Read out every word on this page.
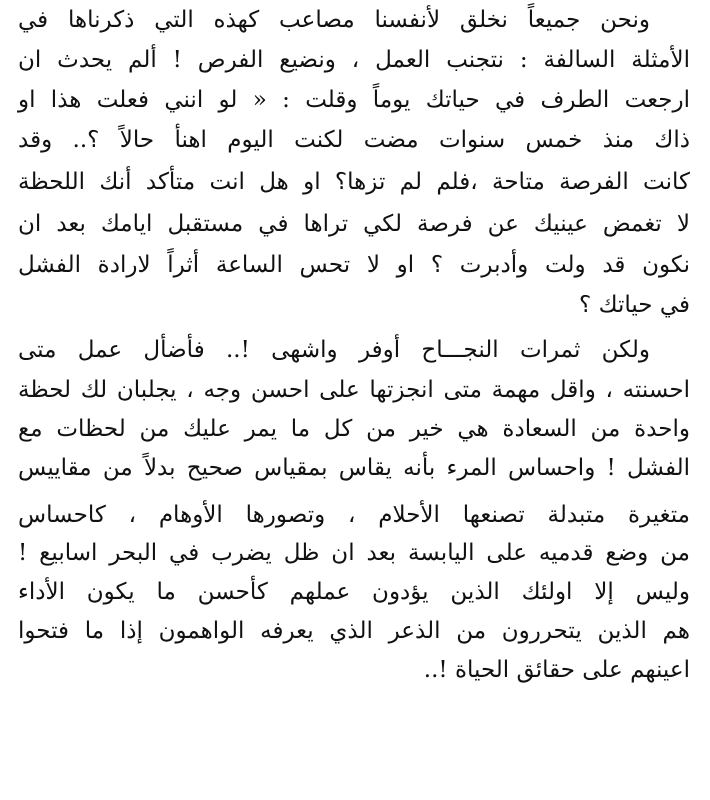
ونحن جميعاً نخلق لأنفسنا مصاعب كهذه التي ذكرناها في
الأمثلة السالفة : نتجنب العمل ، ونضيع الفرص ! ألم يحدث ان
ارجعت الطرف في حياتك يوماً وقلت : « لو انني فعلت هذا او
ذاك منذ خمس سنوات مضت لكنت اليوم اهنأ حالاً ؟.. وقد
كانت الفرصة متاحة ،فلم لم تزها؟ او هل انت متأكد أنك اللحظة
لا تغمض عينيك عن فرصة لكي تراها في مستقبل ايامك بعد ان
نكون قد ولت وأدبرت ؟ او لا تحس الساعة أثراً لارادة الفشل
في حياتك ؟
ولكن ثمرات النجـــاح أوفر واشهى !.. فأضأل عمل متى
احسنته ، واقل مهمة متى انجزتها على احسن وجه ، يجلبان لك لحظة
واحدة من السعادة هي خير من كل ما يمر عليك من لحظات مع
الفشل ! واحساس المرء بأنه يقاس بمقياس صحيح بدلاً من مقاييس
متغيرة متبدلة تصنعها الأحلام ، وتصورها الأوهام ، كاحساس
من وضع قدميه على اليابسة بعد ان ظل يضرب في البحر اسابيع !
وليس إلا اولئك الذين يؤدون عملهم كأحسن ما يكون الأداء
هم الذين يتحررون من الذعر الذي يعرفه الواهمون إذا ما فتحوا
اعينهم على حقائق الحياة !..
